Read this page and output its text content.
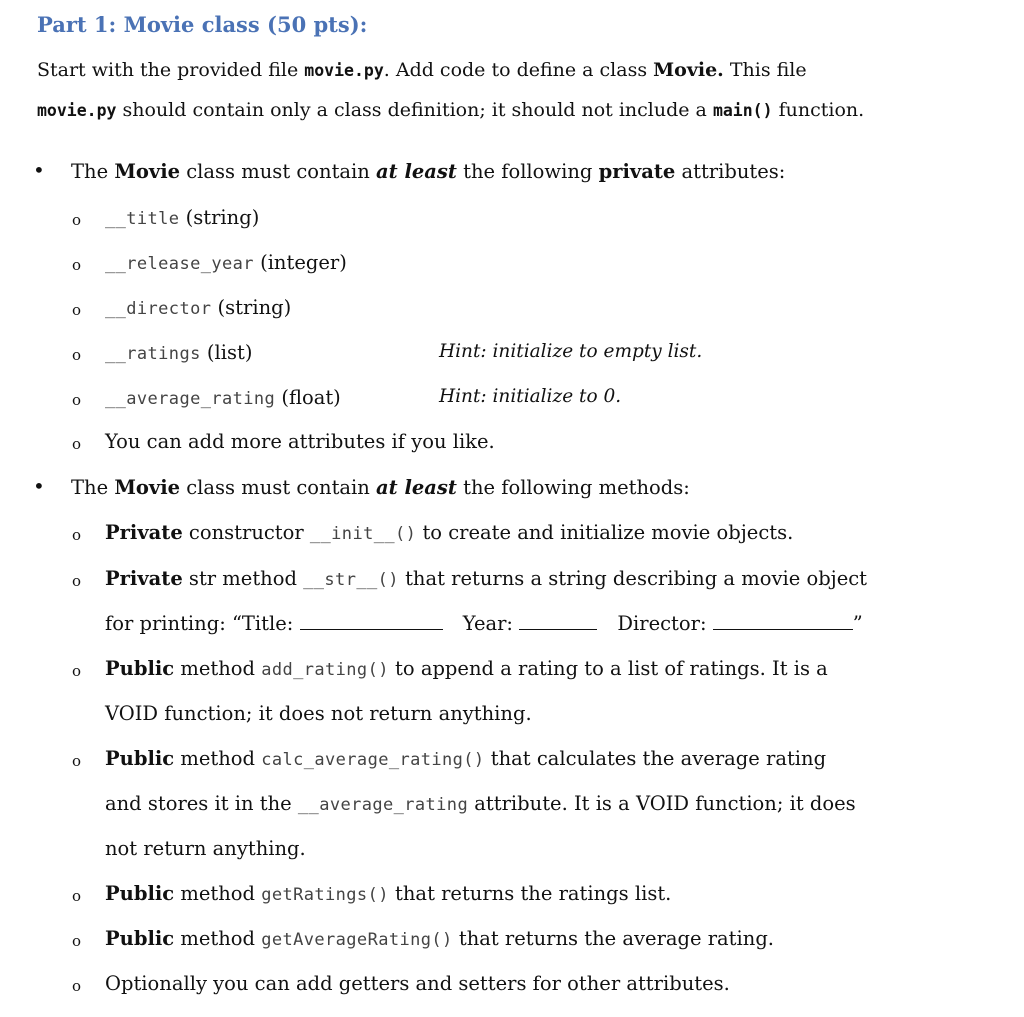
Part 1: Movie class (50 pts):
Start with the provided file movie.py. Add code to define a class Movie. This file
movie.py should contain only a class definition; it should not include a main() function.
• The Movie class must contain at least the following private attributes:
o __title (string)
o __release_year (integer)
o __director (string)
o __ratings (list)	Hint: initialize to empty list.
o __average_rating (float)	Hint: initialize to 0.
o You can add more attributes if you like.
• The Movie class must contain at least the following methods:
o Private constructor __init__() to create and initialize movie objects.
o Private str method __str__() that returns a string describing a movie object
for printing: “Title:	Year:	Director:	”
o Public method add_rating() to append a rating to a list of ratings. It is a
VOID function; it does not return anything.
o Public method calc_average_rating() that calculates the average rating
and stores it in the __average_rating attribute. It is a VOID function; it does
not return anything.
o Public method getRatings() that returns the ratings list.
o Public method getAverageRating() that returns the average rating.
o Optionally you can add getters and setters for other attributes.
